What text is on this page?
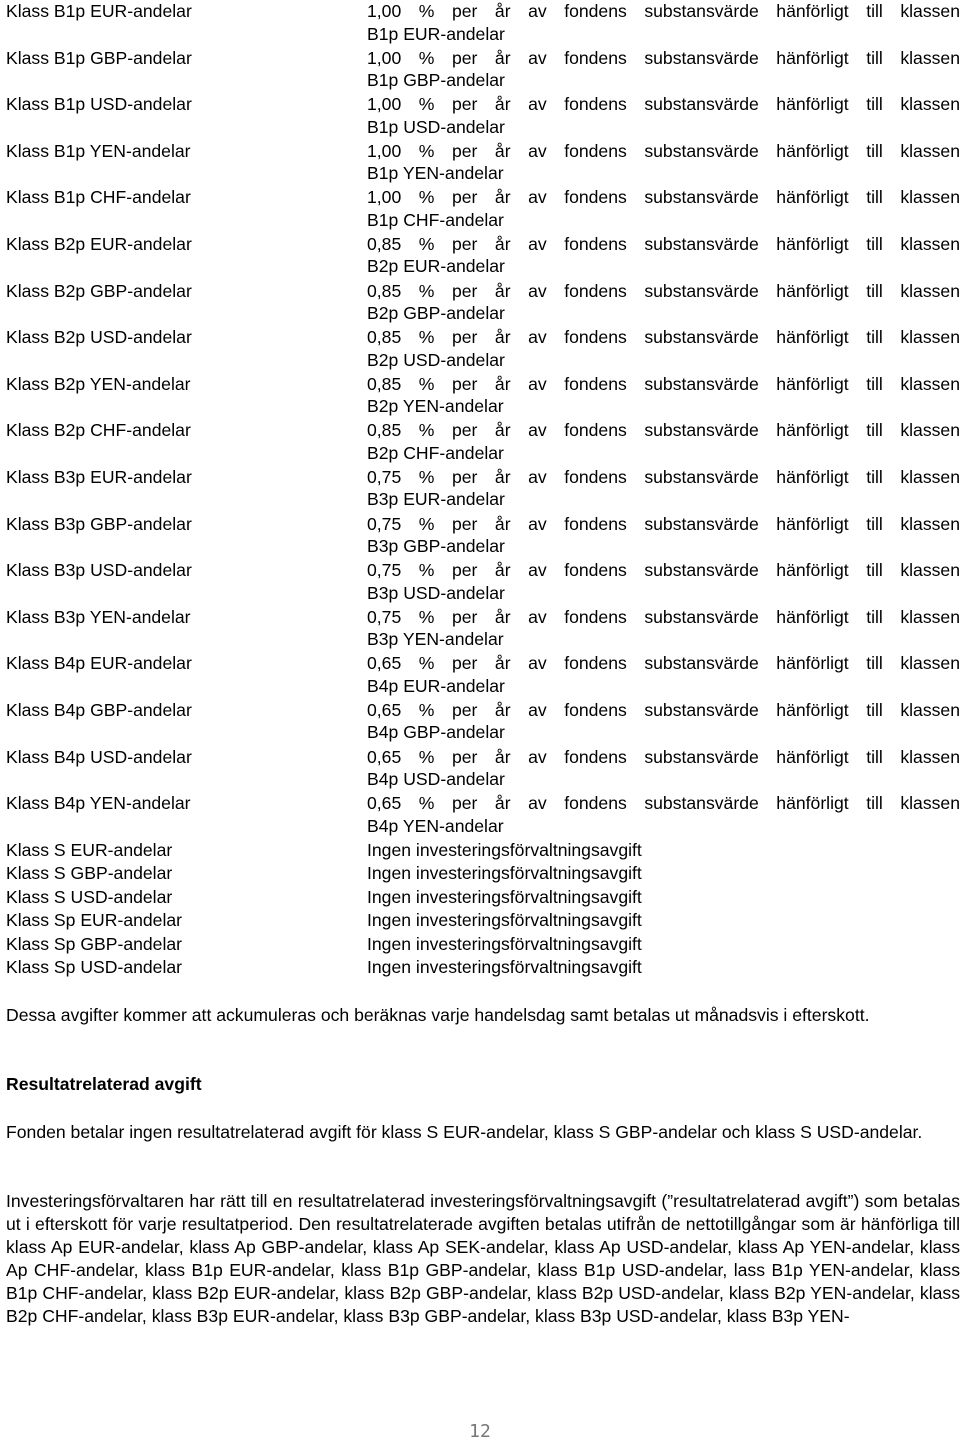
Klass B1p EUR-andelar	1,00 % per år av fondens substansvärde hänförligt till klassen
B1p EUR-andelar
Klass B1p GBP-andelar	1,00 % per år av fondens substansvärde hänförligt till klassen
B1p GBP-andelar
Klass B1p USD-andelar	1,00 % per år av fondens substansvärde hänförligt till klassen
B1p USD-andelar
Klass B1p YEN-andelar	1,00 % per år av fondens substansvärde hänförligt till klassen
B1p YEN-andelar
Klass B1p CHF-andelar	1,00 % per år av fondens substansvärde hänförligt till klassen
B1p CHF-andelar
Klass B2p EUR-andelar	0,85 % per år av fondens substansvärde hänförligt till klassen
B2p EUR-andelar
Klass B2p GBP-andelar	0,85 % per år av fondens substansvärde hänförligt till klassen
B2p GBP-andelar
Klass B2p USD-andelar	0,85 % per år av fondens substansvärde hänförligt till klassen
B2p USD-andelar
Klass B2p YEN-andelar	0,85 % per år av fondens substansvärde hänförligt till klassen
B2p YEN-andelar
Klass B2p CHF-andelar	0,85 % per år av fondens substansvärde hänförligt till klassen
B2p CHF-andelar
Klass B3p EUR-andelar	0,75 % per år av fondens substansvärde hänförligt till klassen
B3p EUR-andelar
Klass B3p GBP-andelar	0,75 % per år av fondens substansvärde hänförligt till klassen
B3p GBP-andelar
Klass B3p USD-andelar	0,75 % per år av fondens substansvärde hänförligt till klassen
B3p USD-andelar
Klass B3p YEN-andelar	0,75 % per år av fondens substansvärde hänförligt till klassen
B3p YEN-andelar
Klass B4p EUR-andelar	0,65 % per år av fondens substansvärde hänförligt till klassen
B4p EUR-andelar
Klass B4p GBP-andelar	0,65 % per år av fondens substansvärde hänförligt till klassen
B4p GBP-andelar
Klass B4p USD-andelar	0,65 % per år av fondens substansvärde hänförligt till klassen
B4p USD-andelar
Klass B4p YEN-andelar	0,65 % per år av fondens substansvärde hänförligt till klassen
B4p YEN-andelar
Klass S EUR-andelar	Ingen investeringsförvaltningsavgift
Klass S GBP-andelar	Ingen investeringsförvaltningsavgift
Klass S USD-andelar	Ingen investeringsförvaltningsavgift
Klass Sp EUR-andelar	Ingen investeringsförvaltningsavgift
Klass Sp GBP-andelar	Ingen investeringsförvaltningsavgift
Klass Sp USD-andelar	Ingen investeringsförvaltningsavgift
Dessa avgifter kommer att ackumuleras och beräknas varje handelsdag samt betalas ut månadsvis i efterskott.
Resultatrelaterad avgift
Fonden betalar ingen resultatrelaterad avgift för klass S EUR-andelar, klass S GBP-andelar och klass S USD-andelar.
Investeringsförvaltaren har rätt till en resultatrelaterad investeringsförvaltningsavgift (”resultatrelaterad avgift”) som betalas ut i efterskott för varje resultatperiod. Den resultatrelaterade avgiften betalas utifrån de nettotillgångar som är hänförliga till klass Ap EUR-andelar, klass Ap GBP-andelar, klass Ap SEK-andelar, klass Ap USD-andelar, klass Ap YEN-andelar, klass Ap CHF-andelar, klass B1p EUR-andelar, klass B1p GBP-andelar, klass B1p USD-andelar, lass B1p YEN-andelar, klass B1p CHF-andelar, klass B2p EUR-andelar, klass B2p GBP-andelar, klass B2p USD-andelar, klass B2p YEN-andelar, klass B2p CHF-andelar, klass B3p EUR-andelar, klass B3p GBP-andelar, klass B3p USD-andelar, klass B3p YEN-
12
